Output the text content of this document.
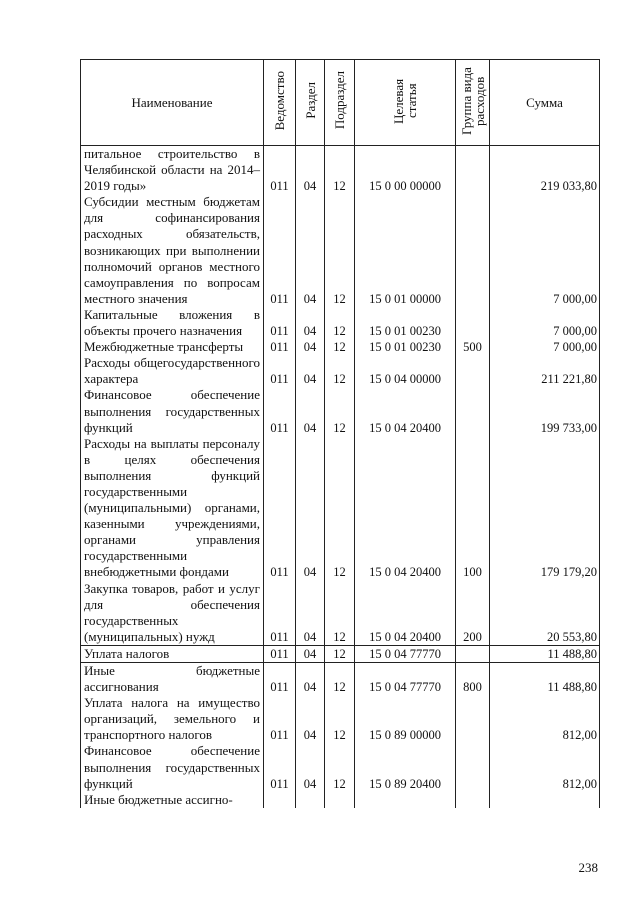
Наименование	Ведомство	Раздел	Подраздел	Целевая статья	Группа вида расходов	Сумма
питальное строительство в Челябинской области на 2014–2019 годы»	011	04	12	15 0 00 00000		219 033,80
Субсидии местным бюджетам для софинансирования расходных обязательств, возникающих при выполнении полномочий органов местного самоуправления по вопросам местного значения	011	04	12	15 0 01 00000		7 000,00
Капитальные вложения в объекты прочего назначения	011	04	12	15 0 01 00230		7 000,00
Межбюджетные трансферты	011	04	12	15 0 01 00230	500	7 000,00
Расходы общегосударственного характера	011	04	12	15 0 04 00000		211 221,80
Финансовое обеспечение выполнения государственных функций	011	04	12	15 0 04 20400		199 733,00
Расходы на выплаты персоналу в целях обеспечения выполнения функций государственными (муниципальными) органами, казенными учреждениями, органами управления государственными внебюджетными фондами	011	04	12	15 0 04 20400	100	179 179,20
Закупка товаров, работ и услуг для обеспечения государственных (муниципальных) нужд	011	04	12	15 0 04 20400	200	20 553,80
Уплата налогов	011	04	12	15 0 04 77770		11 488,80
Иные бюджетные ассигнования	011	04	12	15 0 04 77770	800	11 488,80
Уплата налога на имущество организаций, земельного и транспортного налогов	011	04	12	15 0 89 00000		812,00
Финансовое обеспечение выполнения государственных функций	011	04	12	15 0 89 20400		812,00
Иные бюджетные ассигно-						
238
